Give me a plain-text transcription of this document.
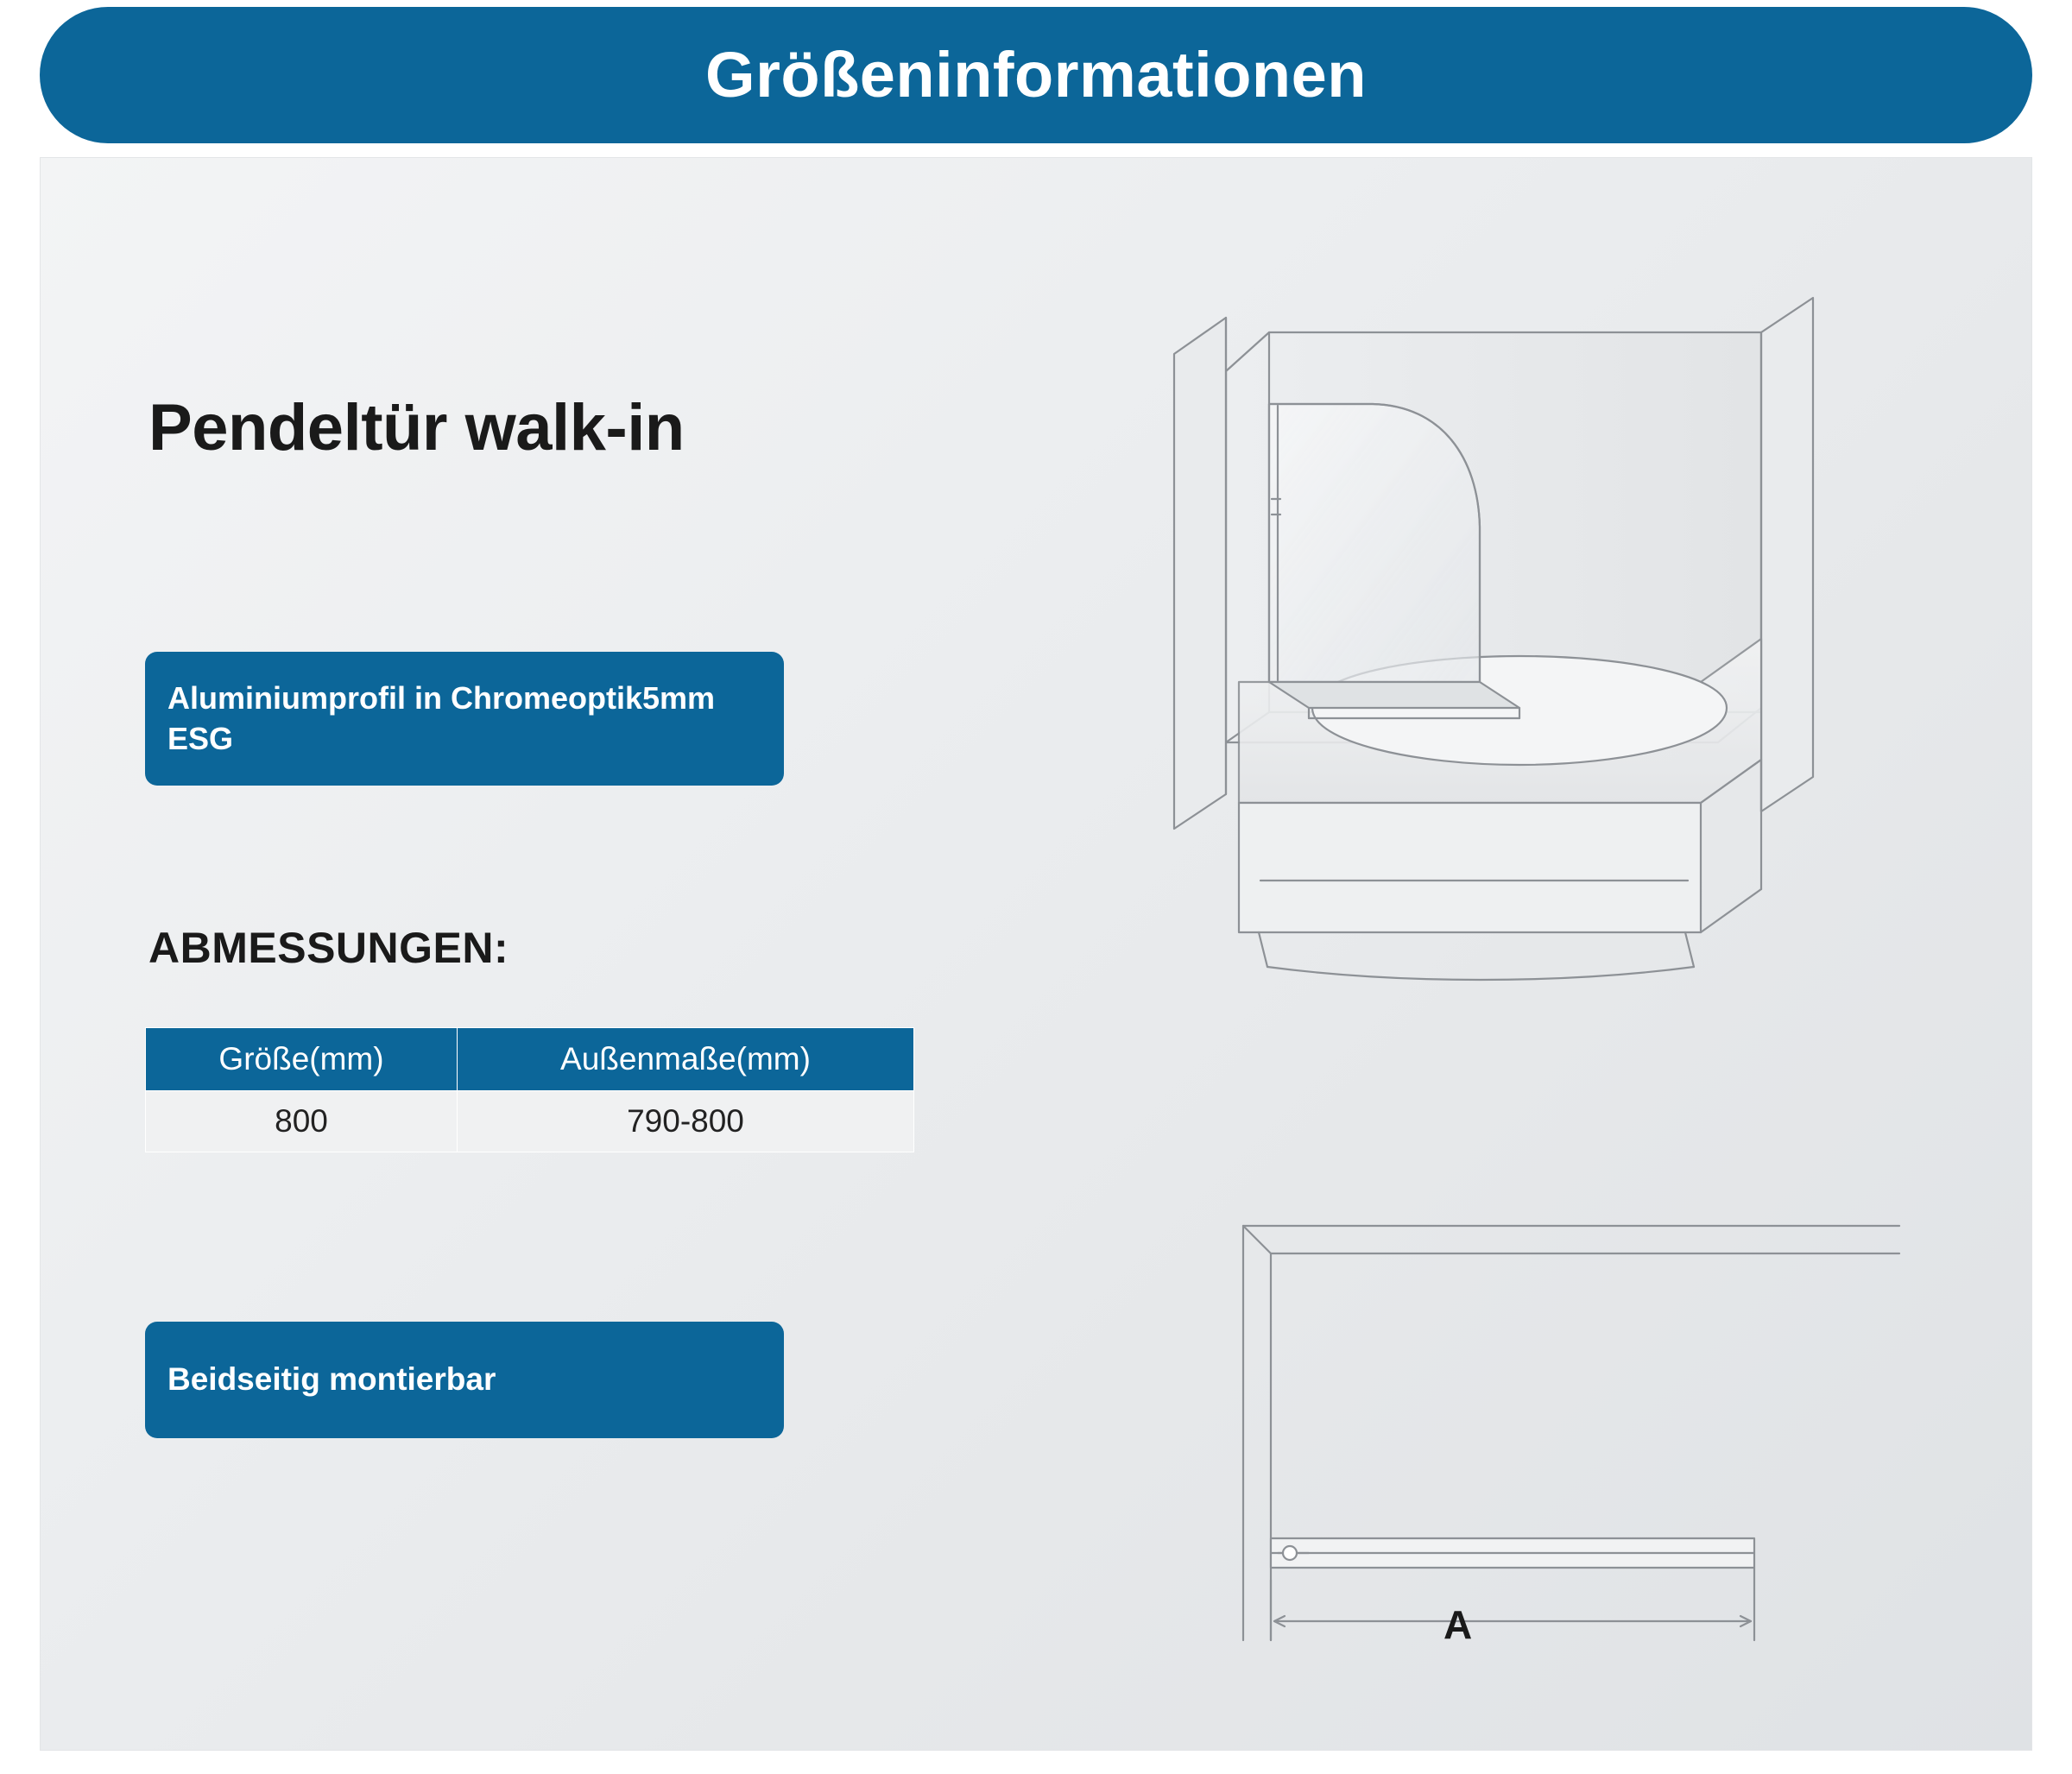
Größeninformationen
Pendeltür walk-in
Aluminiumprofil in Chromeoptik5mm ESG
ABMESSUNGEN:
Größe(mm)	Außenmaße(mm)
800	790-800
Beidseitig montierbar
A
